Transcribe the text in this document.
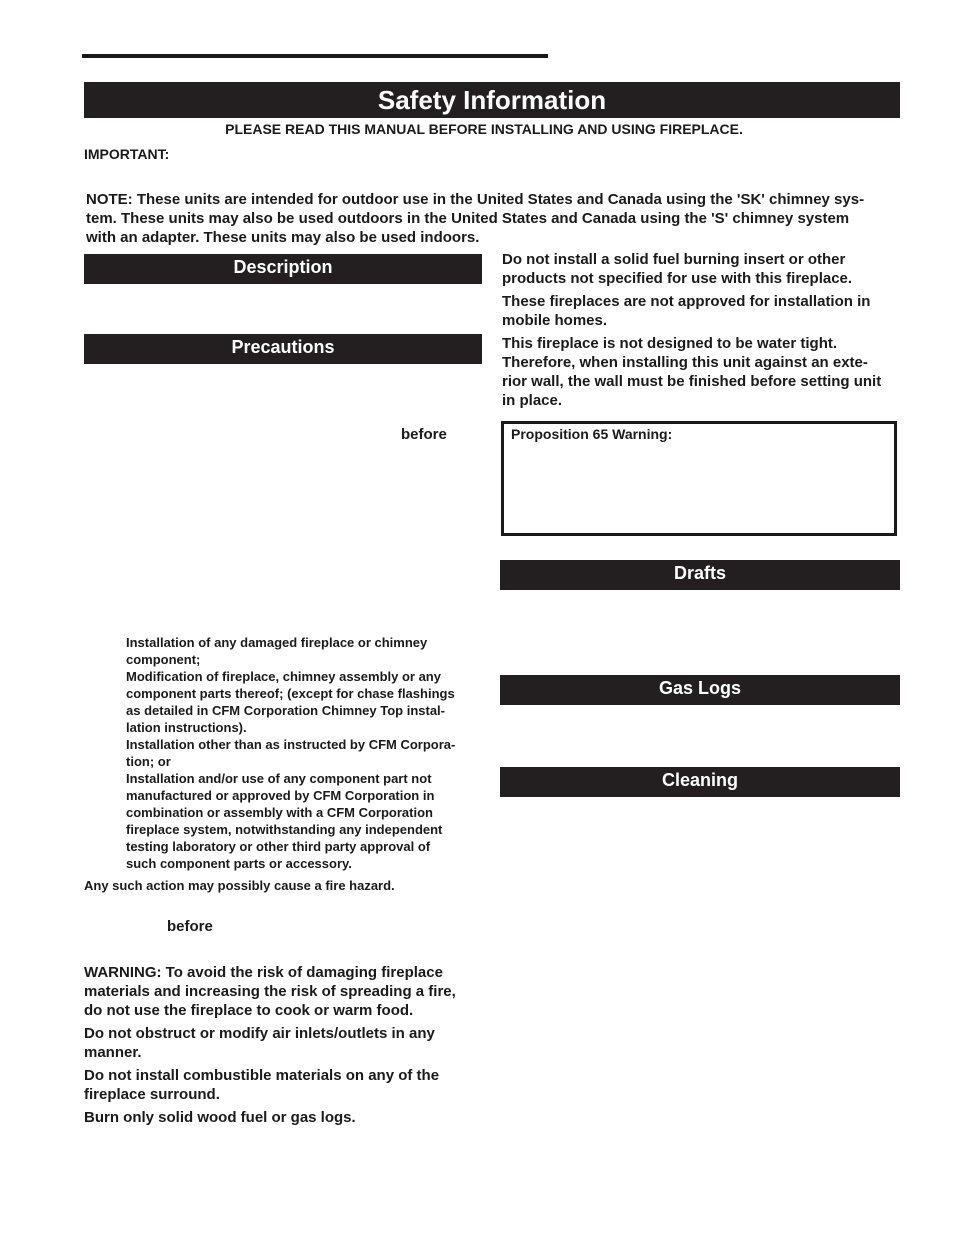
Safety Information
PLEASE READ THIS MANUAL BEFORE INSTALLING AND USING FIREPLACE.
IMPORTANT:
NOTE: These units are intended for outdoor use in the United States and Canada using the 'SK' chimney sys-
tem. These units may also be used outdoors in the United States and Canada using the 'S' chimney system
with an adapter. These units may also be used indoors.
Description
Precautions
before
Installation of any damaged fireplace or chimney
component;
Modification of fireplace, chimney assembly or any
component parts thereof; (except for chase flashings
as detailed in CFM Corporation Chimney Top instal-
lation instructions).
Installation other than as instructed by CFM Corpora-
tion; or
Installation and/or use of any component part not
manufactured or approved by CFM Corporation in
combination or assembly with a CFM Corporation
fireplace system, notwithstanding any independent
testing laboratory or other third party approval of
such component parts or accessory.
Any such action may possibly cause a fire hazard.
before
WARNING: To avoid the risk of damaging fireplace
materials and increasing the risk of spreading a fire,
do not use the fireplace to cook or warm food.
Do not obstruct or modify air inlets/outlets in any
manner.
Do not install combustible materials on any of the
fireplace surround.
Burn only solid wood fuel or gas logs.
Do not install a solid fuel burning insert or other
products not specified for use with this fireplace.
These fireplaces are not approved for installation in
mobile homes.
This fireplace is not designed to be water tight.
Therefore, when installing this unit against an exte-
rior wall, the wall must be finished before setting unit
in place.
Proposition 65 Warning:
Drafts
Gas Logs
Cleaning
